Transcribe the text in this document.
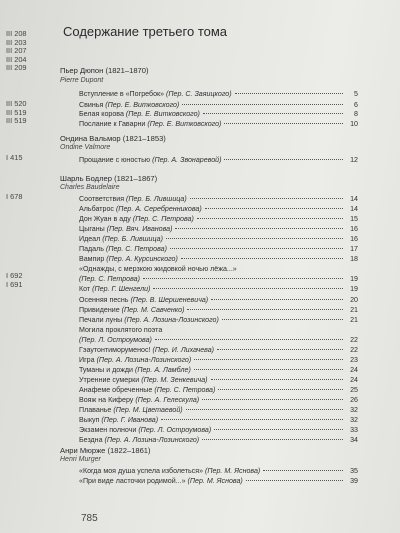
III 208
III 203
III 207
III 204
III 209
III 520
III 519
III 519
I 415
I 678
I 692
I 691
Содержание третьего тома
Пьер Дюпон (1821–1870)
Pierre Dupont
Вступление в «Погребок» (Пер. С. Заяицкого)	5
Свинья (Пер. Е. Витковского)	6
Белая корова (Пер. Е. Витковского)	8
Послание к Гаварни (Пер. Е. Витковского)	10
Ондина Вальмор (1821–1853)
Ondine Valmore
Прощание с юностью (Пер. А. Звонаревой)	12
Шарль Бодлер (1821–1867)
Charles Baudelaire
Соответствия (Пер. Б. Лившица)	14
Альбатрос (Пер. А. Серебренникова)	14
Дон Жуан в аду (Пер. С. Петрова)	15
Цыганы (Пер. Вяч. Иванова)	16
Идеал (Пер. Б. Лившица)	16
Падаль (Пер. С. Петрова)	17
Вампир (Пер. А. Курсинского)	18
«Однажды, с мерзкою жидовкой ночью лёжа...»
(Пер. С. Петрова)	19
Кот (Пер. Г. Шенгели)	19
Осенняя песнь (Пер. В. Шершеневича)	20
Привидение (Пер. М. Савченко)	21
Печали луны (Пер. А. Лозина-Лозинского)	21
Могила проклятого поэта
(Пер. Л. Остроумова)	22
Гэаутонтиморуменос! (Пер. И. Лихачева)	22
Игра (Пер. А. Лозина-Лозинского)	23
Туманы и дожди (Пер. А. Ламбле)	24
Утренние сумерки (Пер. М. Зенкевича)	24
Анафеме обреченные (Пер. С. Петрова)	25
Вояж на Киферу (Пер. А. Гелескула)	26
Плаванье (Пер. М. Цветаевой)	32
Выкуп (Пер. Г. Иванова)	32
Экзамен полночи (Пер. Л. Остроумова)	33
Бездна (Пер. А. Лозина-Лозинского)	34
Анри Мюрже (1822–1861)
Henri Murger
«Когда моя душа успела изболеться» (Пер. М. Яснова)	35
«При виде ласточки родимой...» (Пер. М. Яснова)	39
785
